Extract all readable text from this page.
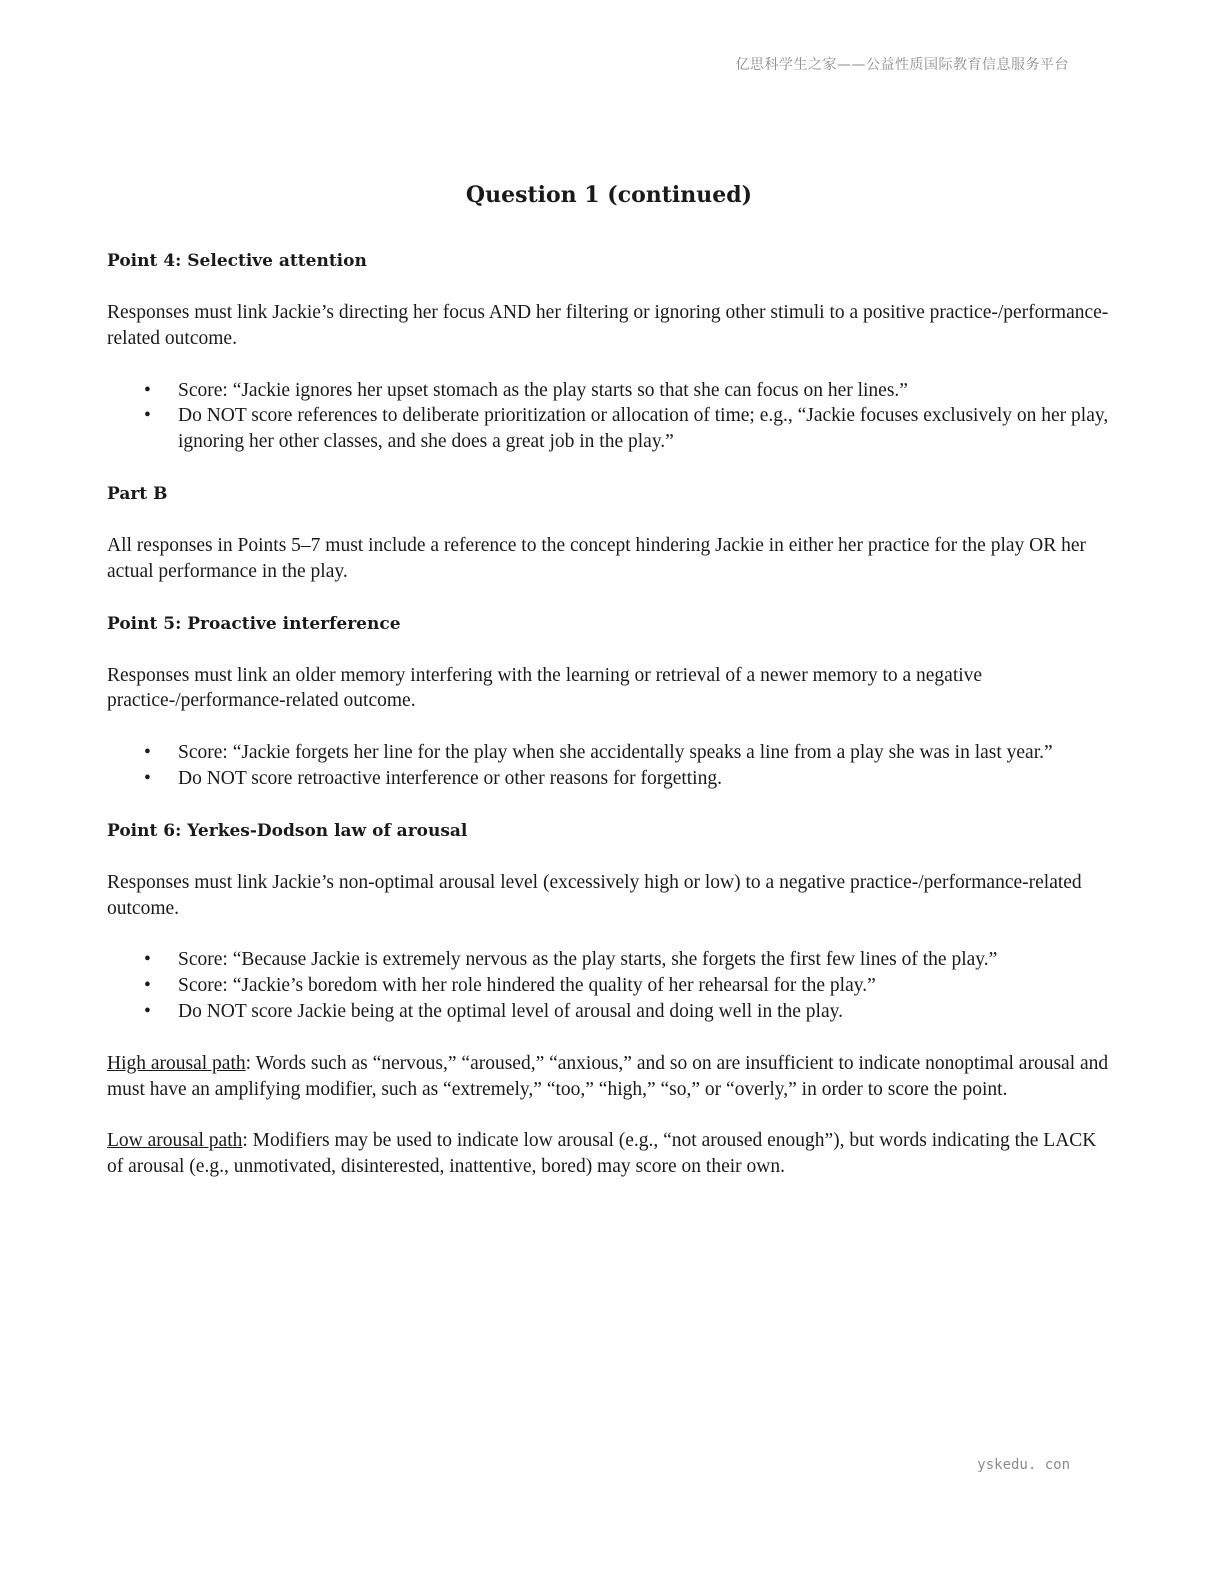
亿思科学生之家——公益性质国际教育信息服务平台
Question 1 (continued)
Point 4: Selective attention

Responses must link Jackie’s directing her focus AND her filtering or ignoring other stimuli to a positive practice-/performance-related outcome.

• Score: “Jackie ignores her upset stomach as the play starts so that she can focus on her lines.”
• Do NOT score references to deliberate prioritization or allocation of time; e.g., “Jackie focuses exclusively on her play, ignoring her other classes, and she does a great job in the play.”
Part B

All responses in Points 5–7 must include a reference to the concept hindering Jackie in either her practice for the play OR her actual performance in the play.

Point 5: Proactive interference

Responses must link an older memory interfering with the learning or retrieval of a newer memory to a negative practice-/performance-related outcome.

• Score: “Jackie forgets her line for the play when she accidentally speaks a line from a play she was in last year.”
• Do NOT score retroactive interference or other reasons for forgetting.
Point 6: Yerkes-Dodson law of arousal

Responses must link Jackie’s non-optimal arousal level (excessively high or low) to a negative practice-/performance-related outcome.

• Score: “Because Jackie is extremely nervous as the play starts, she forgets the first few lines of the play.”
• Score: “Jackie’s boredom with her role hindered the quality of her rehearsal for the play.”
• Do NOT score Jackie being at the optimal level of arousal and doing well in the play.

High arousal path: Words such as “nervous,” “aroused,” “anxious,” and so on are insufficient to indicate nonoptimal arousal and must have an amplifying modifier, such as “extremely,” “too,” “high,” “so,” or “overly,” in order to score the point.

Low arousal path: Modifiers may be used to indicate low arousal (e.g., “not aroused enough”), but words indicating the LACK of arousal (e.g., unmotivated, disinterested, inattentive, bored) may score on their own.

yskedu. con
